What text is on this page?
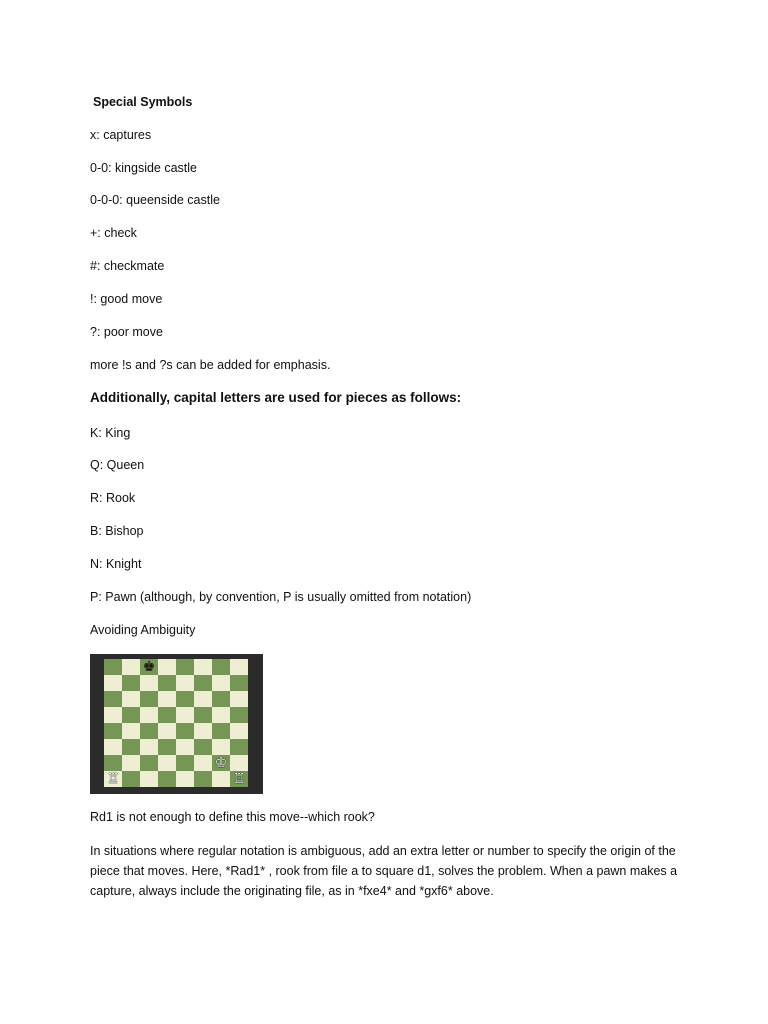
Special Symbols
x: captures
0-0: kingside castle
0-0-0: queenside castle
+: check
#: checkmate
!: good move
?: poor move
more !s and ?s can be added for emphasis.
Additionally, capital letters are used for pieces as follows:
K: King
Q: Queen
R: Rook
B: Bishop
N: Knight
P: Pawn (although, by convention, P is usually omitted from notation)
Avoiding Ambiguity
♚
♔
♖	♖
Rd1 is not enough to define this move--which rook?
In situations where regular notation is ambiguous, add an extra letter or number to specify the origin of the piece that moves. Here, *Rad1* , rook from file a to square d1, solves the problem. When a pawn makes a capture, always include the originating file, as in *fxe4* and *gxf6* above.
